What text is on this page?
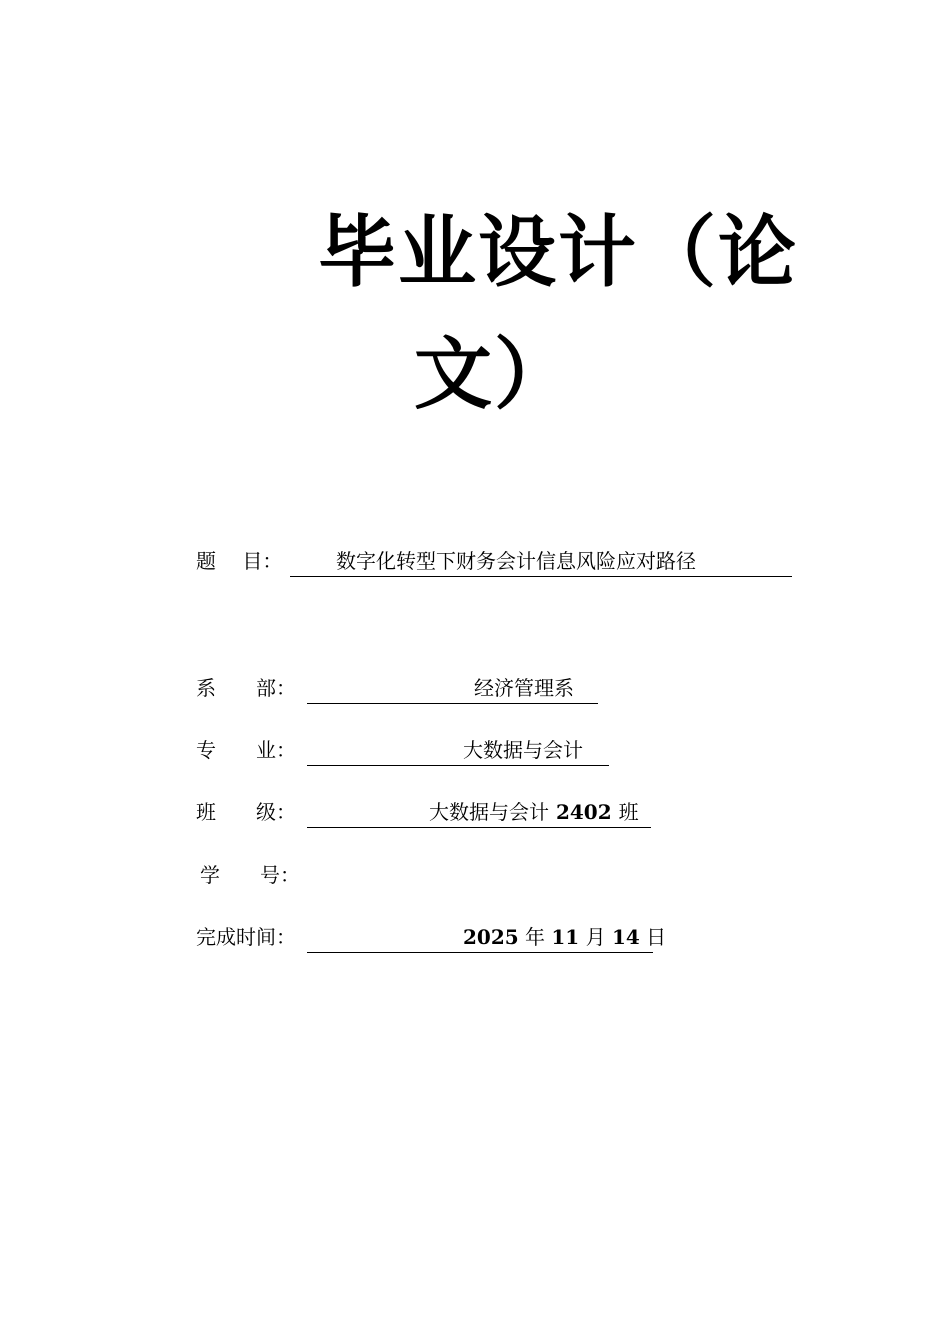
毕业设计（论
文）
题　 目：	数字化转型下财务会计信息风险应对路径
系　　部：	经济管理系
专　　业：	大数据与会计
班　　级：	大数据与会计 2402 班
学　　号：
完成时间：	2025 年 11 月 14 日
